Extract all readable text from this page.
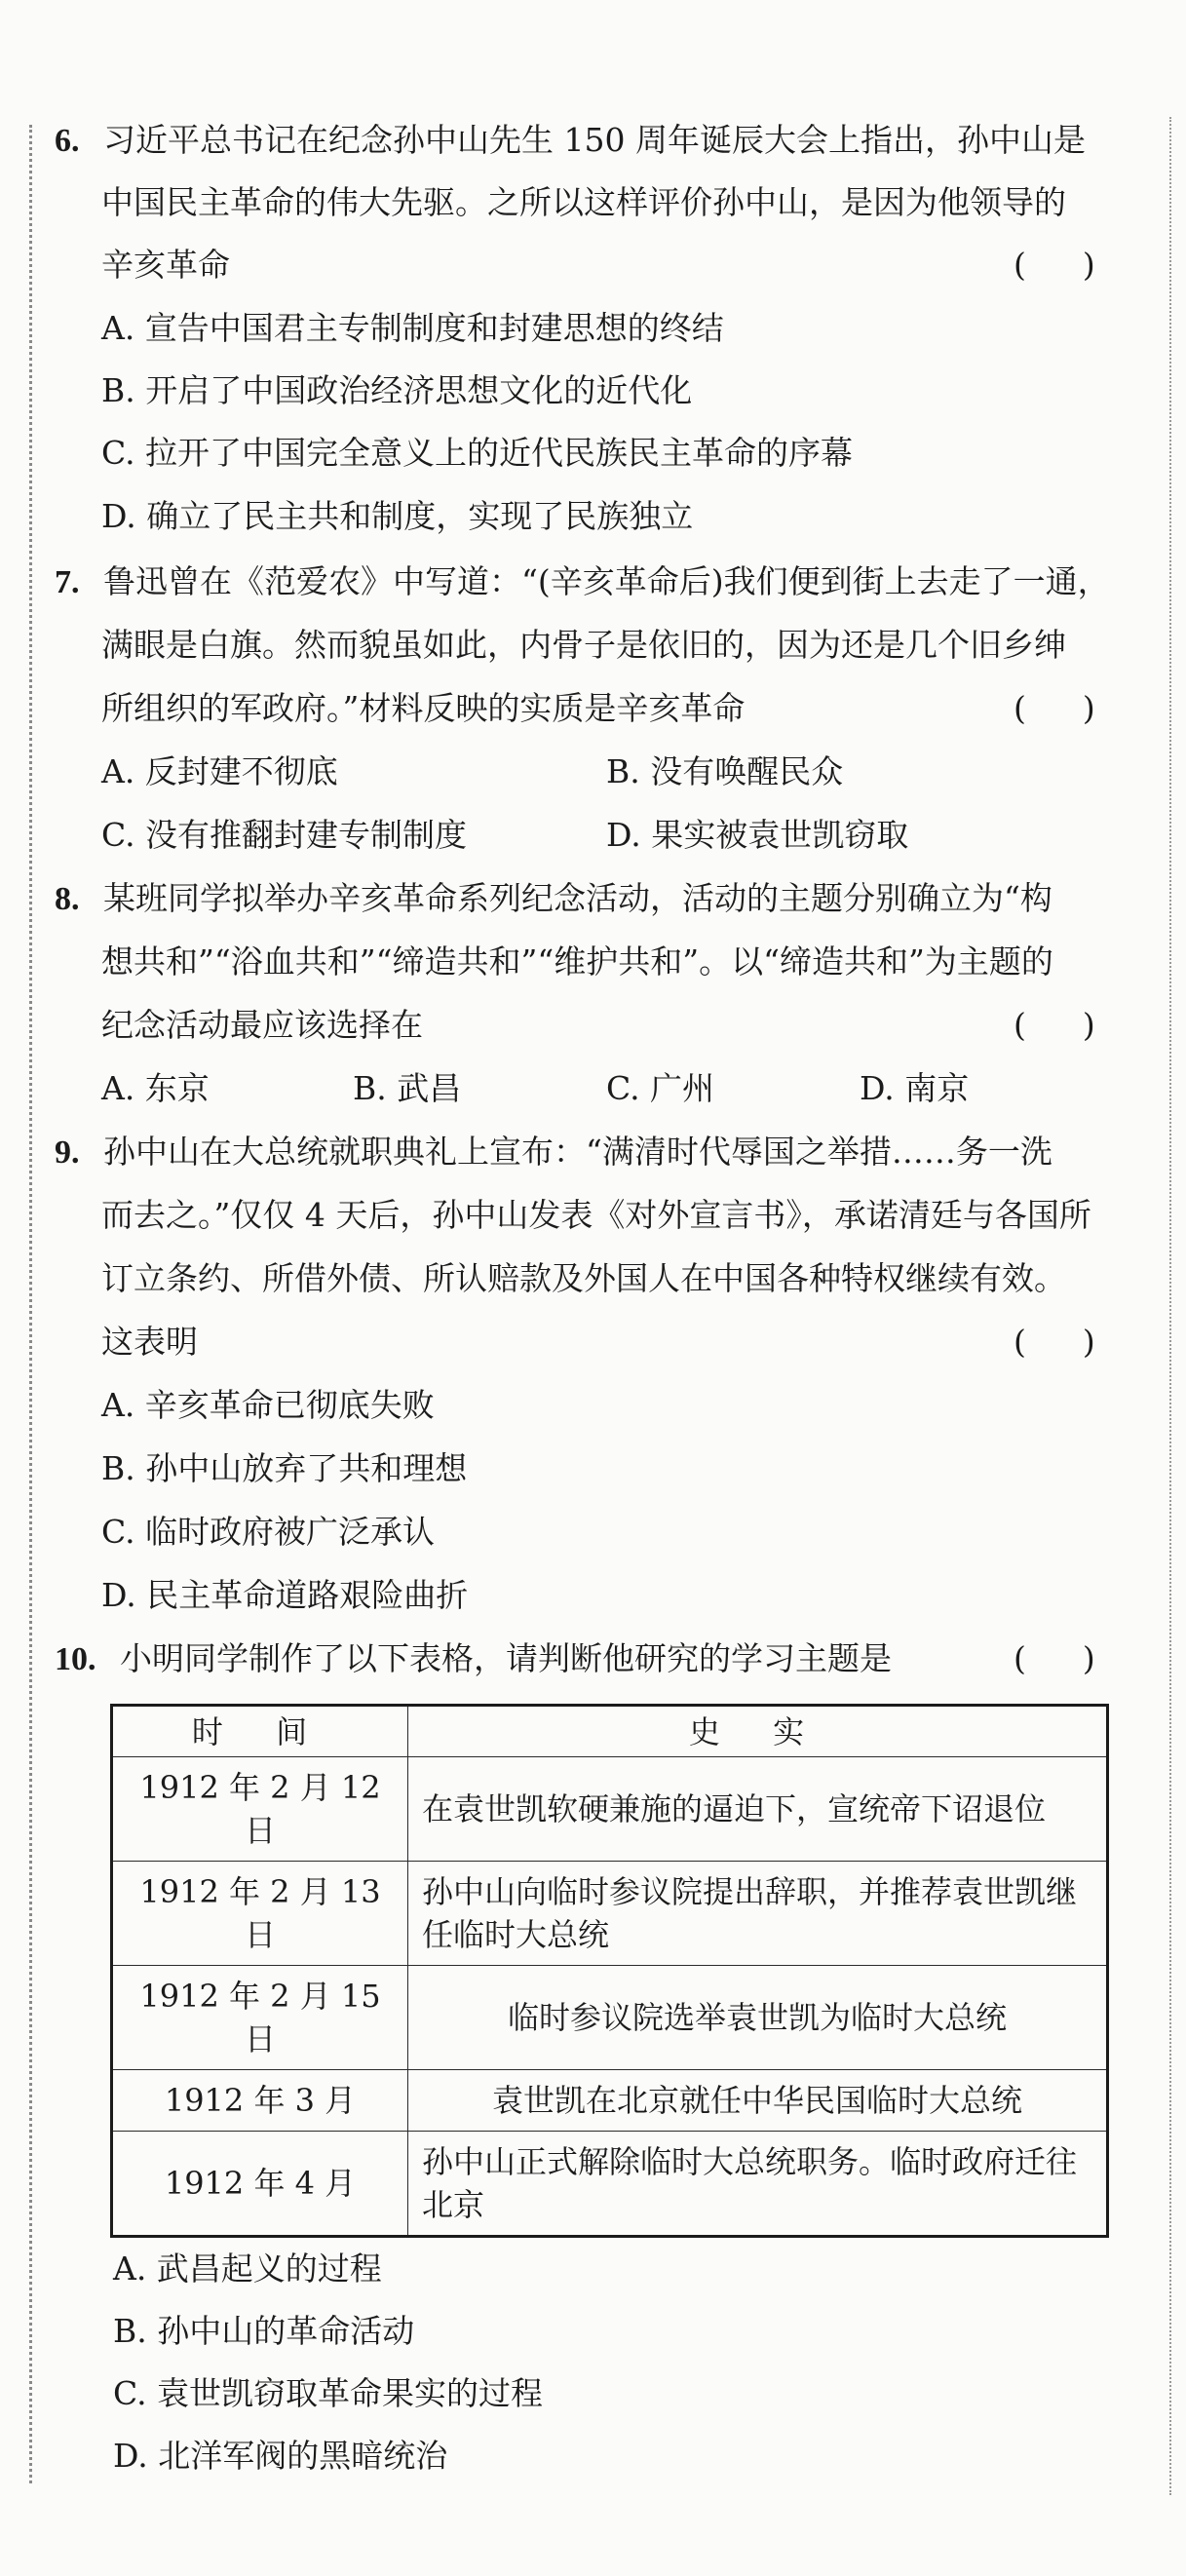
6. 习近平总书记在纪念孙中山先生 150 周年诞辰大会上指出，孙中山是
中国民主革命的伟大先驱。之所以这样评价孙中山，是因为他领导的
辛亥革命	()
A. 宣告中国君主专制制度和封建思想的终结
B. 开启了中国政治经济思想文化的近代化
C. 拉开了中国完全意义上的近代民族民主革命的序幕
D. 确立了民主共和制度，实现了民族独立
7. 鲁迅曾在《范爱农》中写道：“(辛亥革命后)我们便到街上去走了一通，
满眼是白旗。然而貌虽如此，内骨子是依旧的，因为还是几个旧乡绅
所组织的军政府。”材料反映的实质是辛亥革命	()
A. 反封建不彻底	B. 没有唤醒民众
C. 没有推翻封建专制制度	D. 果实被袁世凯窃取
8. 某班同学拟举办辛亥革命系列纪念活动，活动的主题分别确立为“构
想共和”“浴血共和”“缔造共和”“维护共和”。以“缔造共和”为主题的
纪念活动最应该选择在	()
A. 东京	B. 武昌	C. 广州	D. 南京
9. 孙中山在大总统就职典礼上宣布：“满清时代辱国之举措……务一洗
而去之。”仅仅 4 天后，孙中山发表《对外宣言书》，承诺清廷与各国所
订立条约、所借外债、所认赔款及外国人在中国各种特权继续有效。
这表明	()
A. 辛亥革命已彻底失败
B. 孙中山放弃了共和理想
C. 临时政府被广泛承认
D. 民主革命道路艰险曲折
10. 小明同学制作了以下表格，请判断他研究的学习主题是	()
时 间	史 实
1912 年 2 月 12 日	在袁世凯软硬兼施的逼迫下，宣统帝下诏退位
1912 年 2 月 13 日	孙中山向临时参议院提出辞职，并推荐袁世凯继任临时大总统
1912 年 2 月 15 日	临时参议院选举袁世凯为临时大总统
1912 年 3 月	袁世凯在北京就任中华民国临时大总统
1912 年 4 月	孙中山正式解除临时大总统职务。临时政府迁往北京
A. 武昌起义的过程
B. 孙中山的革命活动
C. 袁世凯窃取革命果实的过程
D. 北洋军阀的黑暗统治
